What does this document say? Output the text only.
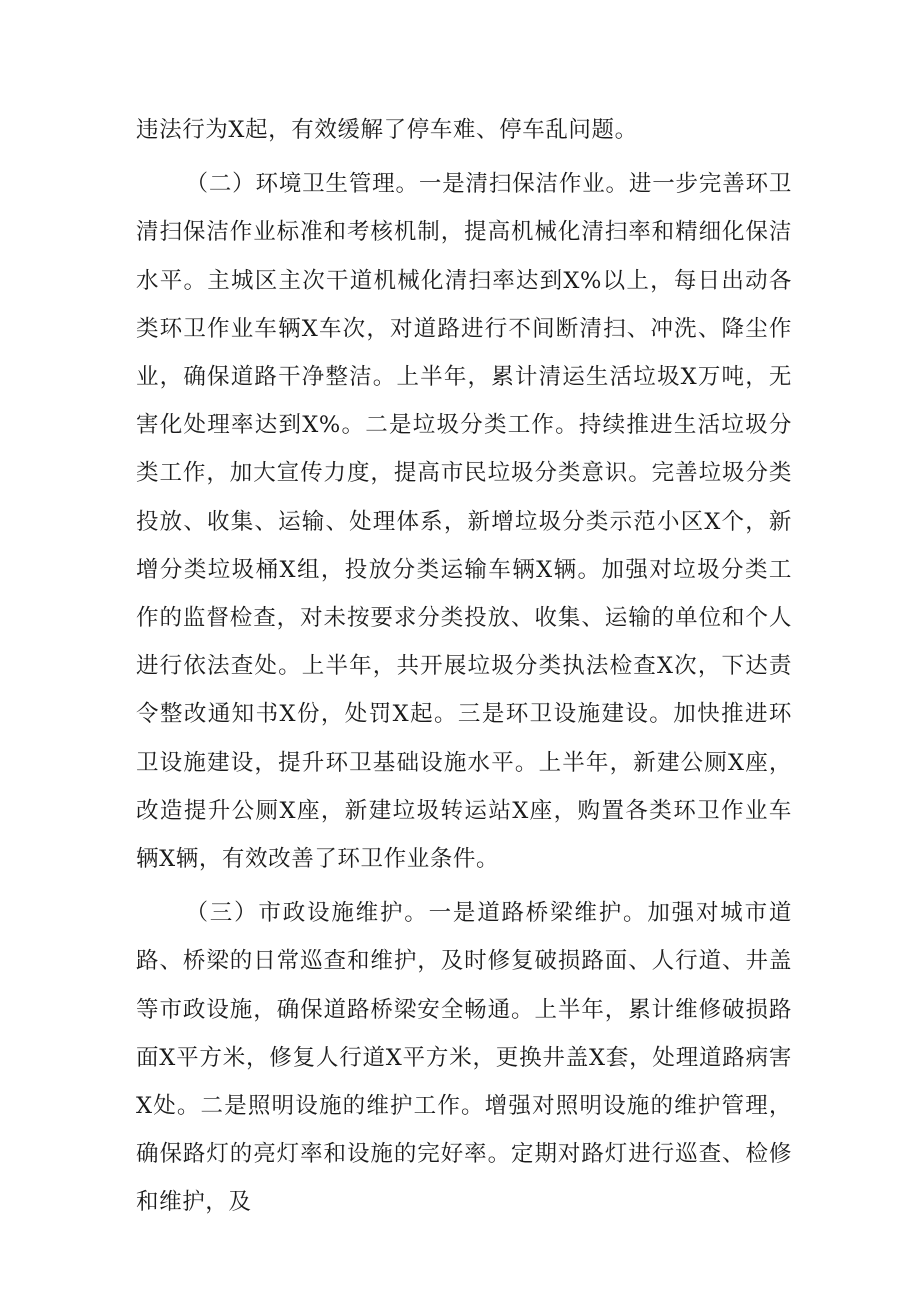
违法行为X起，有效缓解了停车难、停车乱问题。

（二）环境卫生管理。一是清扫保洁作业。进一步完善环卫清扫保洁作业标准和考核机制，提高机械化清扫率和精细化保洁水平。主城区主次干道机械化清扫率达到X%以上，每日出动各类环卫作业车辆X车次，对道路进行不间断清扫、冲洗、降尘作业，确保道路干净整洁。上半年，累计清运生活垃圾X万吨，无害化处理率达到X%。二是垃圾分类工作。持续推进生活垃圾分类工作，加大宣传力度，提高市民垃圾分类意识。完善垃圾分类投放、收集、运输、处理体系，新增垃圾分类示范小区X个，新增分类垃圾桶X组，投放分类运输车辆X辆。加强对垃圾分类工作的监督检查，对未按要求分类投放、收集、运输的单位和个人进行依法查处。上半年，共开展垃圾分类执法检查X次，下达责令整改通知书X份，处罚X起。三是环卫设施建设。加快推进环卫设施建设，提升环卫基础设施水平。上半年，新建公厕X座，改造提升公厕X座，新建垃圾转运站X座，购置各类环卫作业车辆X辆，有效改善了环卫作业条件。

（三）市政设施维护。一是道路桥梁维护。加强对城市道路、桥梁的日常巡查和维护，及时修复破损路面、人行道、井盖等市政设施，确保道路桥梁安全畅通。上半年，累计维修破损路面X平方米，修复人行道X平方米，更换井盖X套，处理道路病害X处。二是照明设施的维护工作。增强对照明设施的维护管理，确保路灯的亮灯率和设施的完好率。定期对路灯进行巡查、检修和维护，及
